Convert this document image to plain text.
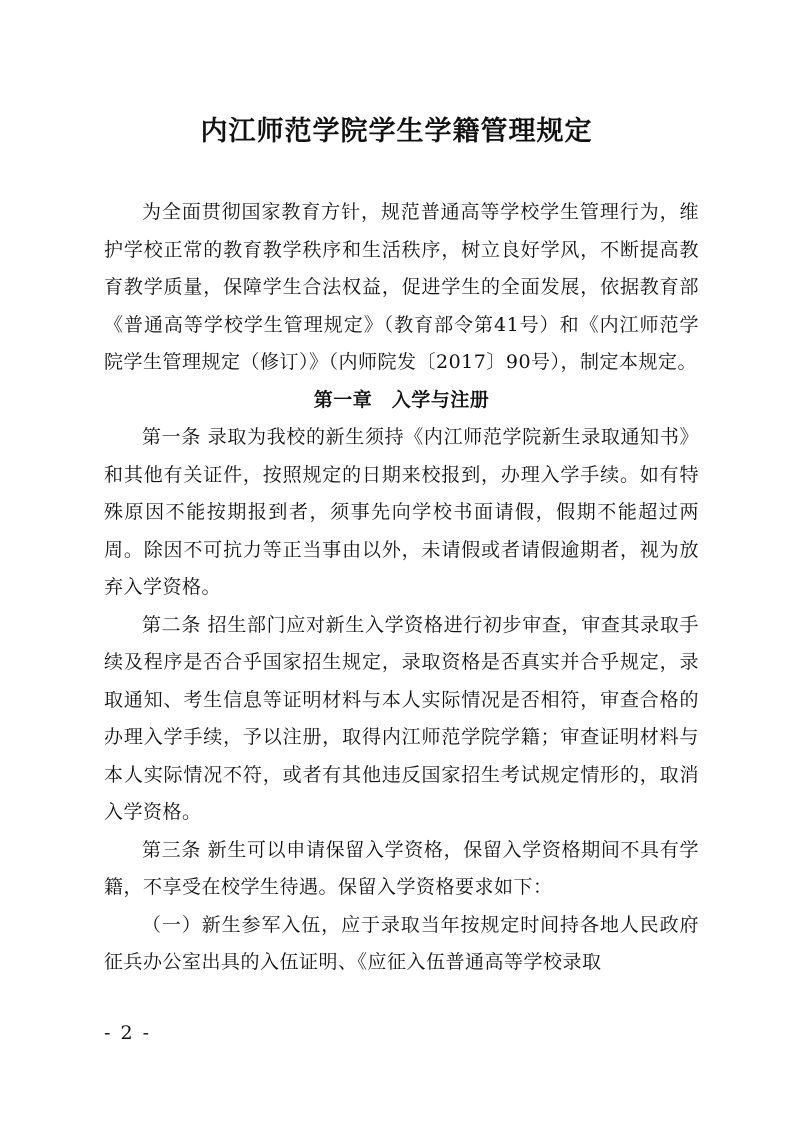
内江师范学院学生学籍管理规定

为全面贯彻国家教育方针，规范普通高等学校学生管理行为，维护学校正常的教育教学秩序和生活秩序，树立良好学风，不断提高教育教学质量，保障学生合法权益，促进学生的全面发展，依据教育部《普通高等学校学生管理规定》（教育部令第41号）和《内江师范学院学生管理规定（修订）》（内师院发〔2017〕90号），制定本规定。

第一章　入学与注册

第一条 录取为我校的新生须持《内江师范学院新生录取通知书》和其他有关证件，按照规定的日期来校报到，办理入学手续。如有特殊原因不能按期报到者，须事先向学校书面请假，假期不能超过两周。除因不可抗力等正当事由以外，未请假或者请假逾期者，视为放弃入学资格。

第二条 招生部门应对新生入学资格进行初步审查，审查其录取手续及程序是否合乎国家招生规定，录取资格是否真实并合乎规定，录取通知、考生信息等证明材料与本人实际情况是否相符，审查合格的办理入学手续，予以注册，取得内江师范学院学籍；审查证明材料与本人实际情况不符，或者有其他违反国家招生考试规定情形的，取消入学资格。

第三条 新生可以申请保留入学资格，保留入学资格期间不具有学籍，不享受在校学生待遇。保留入学资格要求如下：

（一）新生参军入伍，应于录取当年按规定时间持各地人民政府征兵办公室出具的入伍证明、《应征入伍普通高等学校录取

- 2 -
